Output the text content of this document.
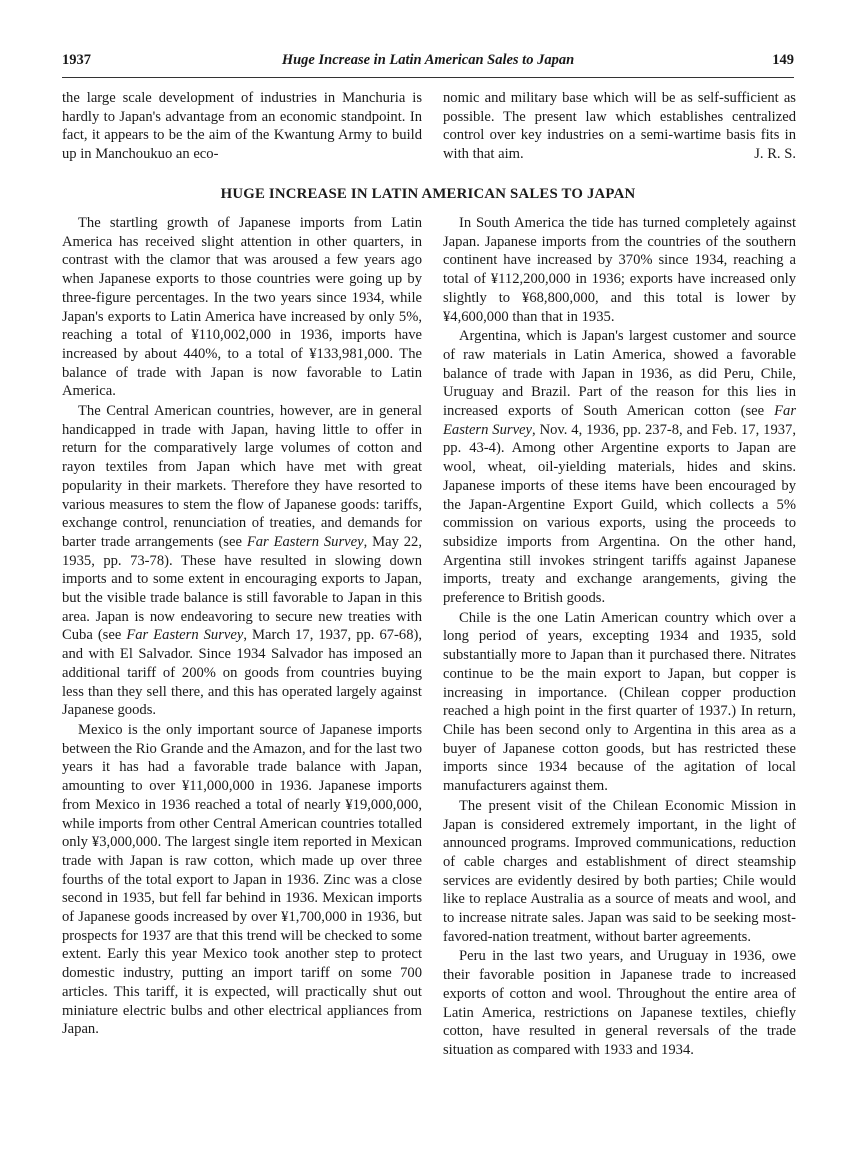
1937	Huge Increase in Latin American Sales to Japan	149

the large scale development of industries in Manchuria is hardly to Japan's advantage from an economic standpoint. In fact, it appears to be the aim of the Kwantung Army to build up in Manchoukuo an eco-

nomic and military base which will be as self-sufficient as possible. The present law which establishes centralized control over key industries on a semi-wartime basis fits in with that aim.	J. R. S.

HUGE INCREASE IN LATIN AMERICAN SALES TO JAPAN

The startling growth of Japanese imports from Latin America has received slight attention in other quarters, in contrast with the clamor that was aroused a few years ago when Japanese exports to those countries were going up by three-figure percentages. In the two years since 1934, while Japan's exports to Latin America have increased by only 5%, reaching a total of ¥110,002,000 in 1936, imports have increased by about 440%, to a total of ¥133,981,000. The balance of trade with Japan is now favorable to Latin America.

The Central American countries, however, are in general handicapped in trade with Japan, having little to offer in return for the comparatively large volumes of cotton and rayon textiles from Japan which have met with great popularity in their markets. Therefore they have resorted to various measures to stem the flow of Japanese goods: tariffs, exchange control, renunciation of treaties, and demands for barter trade arrangements (see Far Eastern Survey, May 22, 1935, pp. 73-78). These have resulted in slowing down imports and to some extent in encouraging exports to Japan, but the visible trade balance is still favorable to Japan in this area. Japan is now endeavoring to secure new treaties with Cuba (see Far Eastern Survey, March 17, 1937, pp. 67-68), and with El Salvador. Since 1934 Salvador has imposed an additional tariff of 200% on goods from countries buying less than they sell there, and this has operated largely against Japanese goods.

Mexico is the only important source of Japanese imports between the Rio Grande and the Amazon, and for the last two years it has had a favorable trade balance with Japan, amounting to over ¥11,000,000 in 1936. Japanese imports from Mexico in 1936 reached a total of nearly ¥19,000,000, while imports from other Central American countries totalled only ¥3,000,000. The largest single item reported in Mexican trade with Japan is raw cotton, which made up over three fourths of the total export to Japan in 1936. Zinc was a close second in 1935, but fell far behind in 1936. Mexican imports of Japanese goods increased by over ¥1,700,000 in 1936, but prospects for 1937 are that this trend will be checked to some extent. Early this year Mexico took another step to protect domestic industry, putting an import tariff on some 700 articles. This tariff, it is expected, will practically shut out miniature electric bulbs and other electrical appliances from Japan.

In South America the tide has turned completely against Japan. Japanese imports from the countries of the southern continent have increased by 370% since 1934, reaching a total of ¥112,200,000 in 1936; exports have increased only slightly to ¥68,800,000, and this total is lower by ¥4,600,000 than that in 1935.

Argentina, which is Japan's largest customer and source of raw materials in Latin America, showed a favorable balance of trade with Japan in 1936, as did Peru, Chile, Uruguay and Brazil. Part of the reason for this lies in increased exports of South American cotton (see Far Eastern Survey, Nov. 4, 1936, pp. 237-8, and Feb. 17, 1937, pp. 43-4). Among other Argentine exports to Japan are wool, wheat, oil-yielding materials, hides and skins. Japanese imports of these items have been encouraged by the Japan-Argentine Export Guild, which collects a 5% commission on various exports, using the proceeds to subsidize imports from Argentina. On the other hand, Argentina still invokes stringent tariffs against Japanese imports, treaty and exchange arangements, giving the preference to British goods.

Chile is the one Latin American country which over a long period of years, excepting 1934 and 1935, sold substantially more to Japan than it purchased there. Nitrates continue to be the main export to Japan, but copper is increasing in importance. (Chilean copper production reached a high point in the first quarter of 1937.) In return, Chile has been second only to Argentina in this area as a buyer of Japanese cotton goods, but has restricted these imports since 1934 because of the agitation of local manufacturers against them.

The present visit of the Chilean Economic Mission in Japan is considered extremely important, in the light of announced programs. Improved communications, reduction of cable charges and establishment of direct steamship services are evidently desired by both parties; Chile would like to replace Australia as a source of meats and wool, and to increase nitrate sales. Japan was said to be seeking most-favored-nation treatment, without barter agreements.

Peru in the last two years, and Uruguay in 1936, owe their favorable position in Japanese trade to increased exports of cotton and wool. Throughout the entire area of Latin America, restrictions on Japanese textiles, chiefly cotton, have resulted in general reversals of the trade situation as compared with 1933 and 1934.
